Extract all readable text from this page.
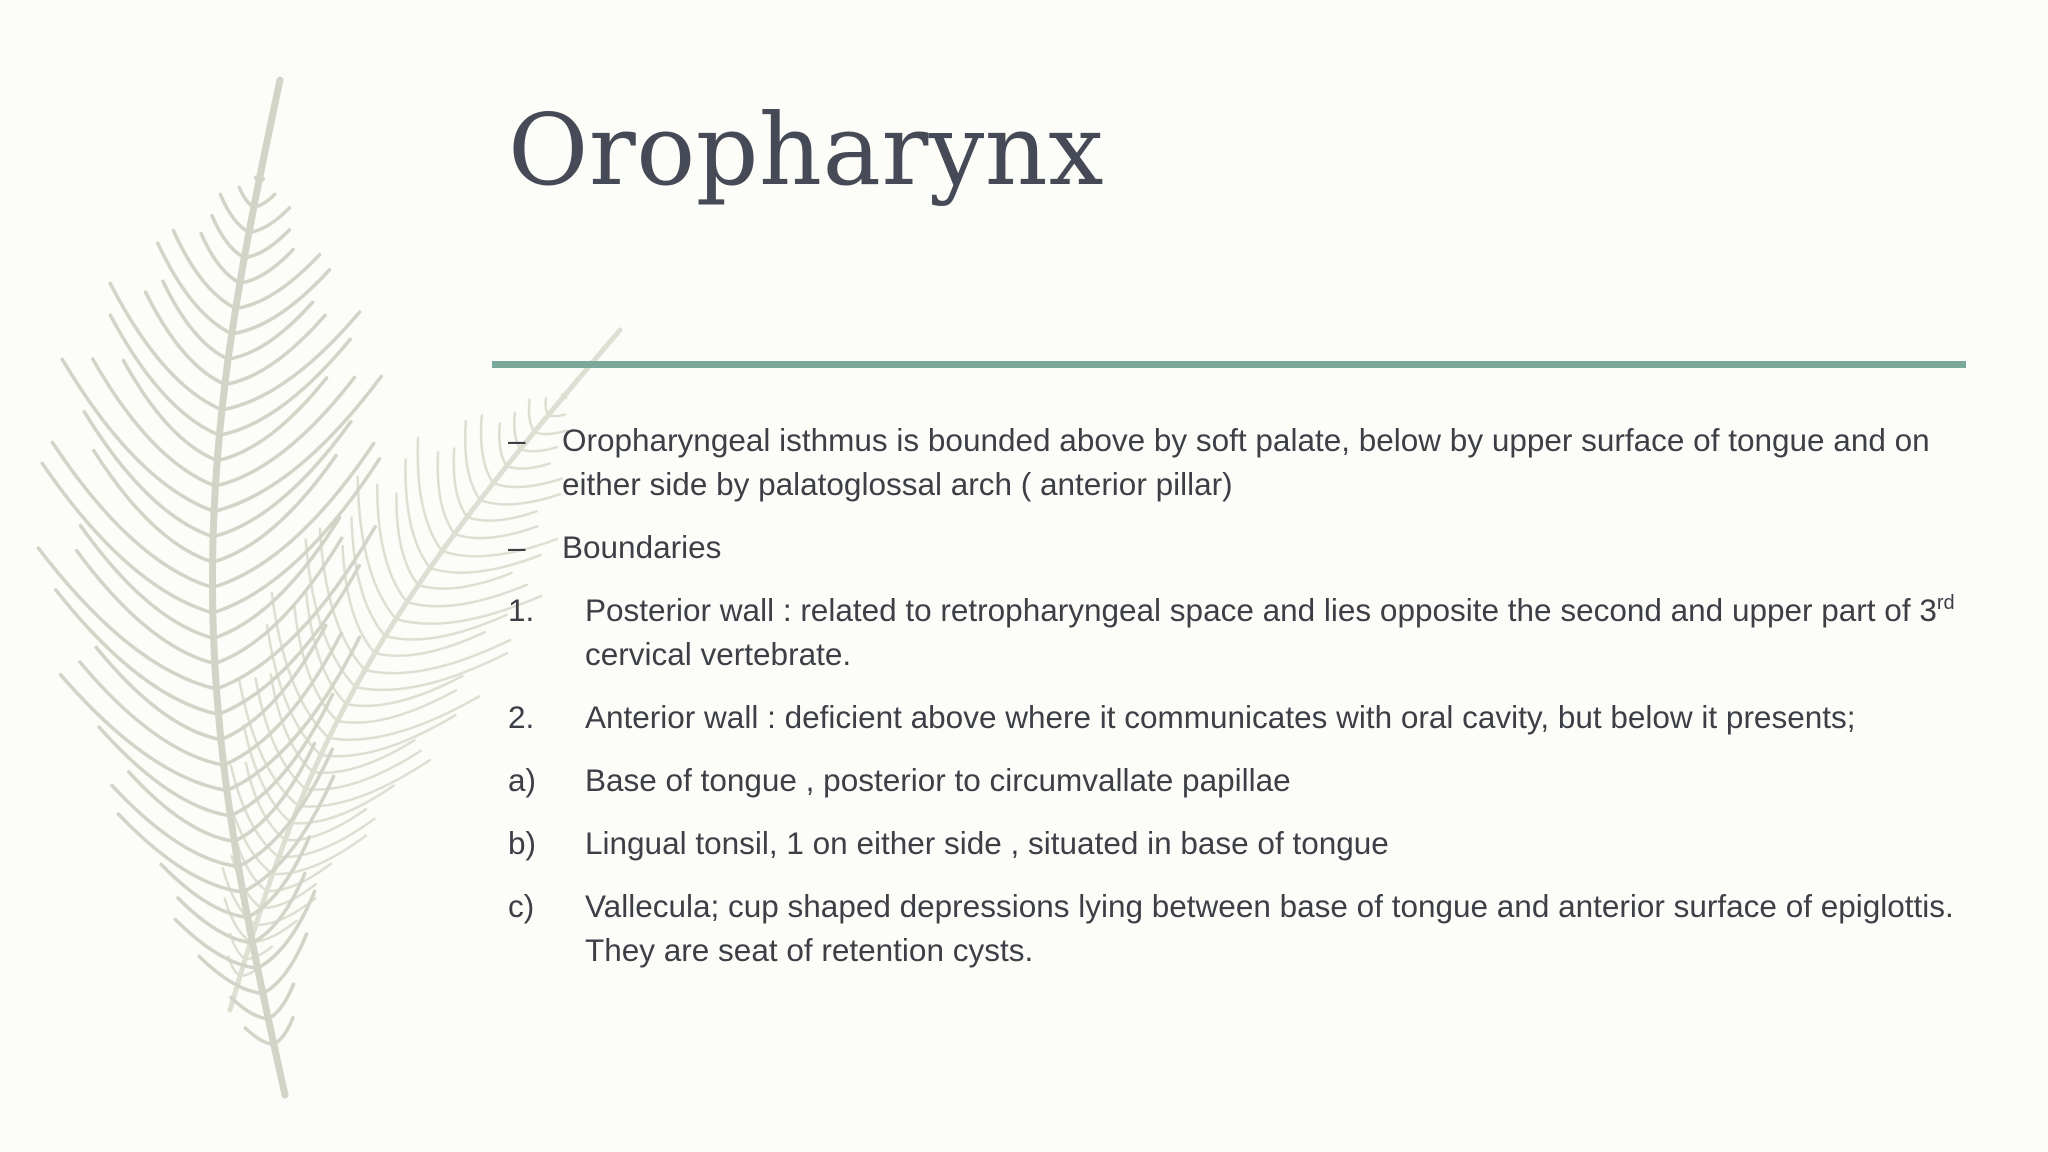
Oropharynx
–	Oropharyngeal isthmus is bounded above by soft palate, below by upper surface of tongue and on either side by palatoglossal arch ( anterior pillar)
–	Boundaries
1.	Posterior wall : related to retropharyngeal space and lies opposite the second and upper part of 3rd cervical vertebrate.
2.	Anterior wall : deficient above where it communicates with oral cavity, but below it presents;
a)	Base of tongue , posterior to circumvallate papillae
b)	Lingual tonsil, 1 on either side , situated in base of tongue
c)	Vallecula; cup shaped depressions lying between base of tongue and anterior surface of epiglottis. They are seat of retention cysts.
